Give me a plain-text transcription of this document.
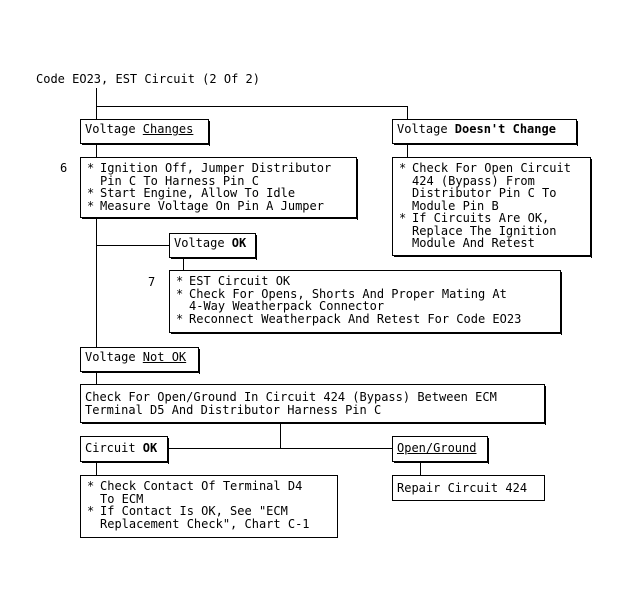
Code EO23, EST Circuit (2 Of 2)
Voltage Changes	Voltage Doesn't Change
6	* Ignition Off, Jumper Distributor
Pin C To Harness Pin C
* Start Engine, Allow To Idle
* Measure Voltage On Pin A Jumper
* Check For Open Circuit
424 (Bypass) From
Distributor Pin C To
Module Pin B
* If Circuits Are OK,
Replace The Ignition
Module And Retest
Voltage OK
7	* EST Circuit OK
* Check For Opens, Shorts And Proper Mating At
4-Way Weatherpack Connector
* Reconnect Weatherpack And Retest For Code EO23
Voltage Not OK
Check For Open/Ground In Circuit 424 (Bypass) Between ECM
Terminal D5 And Distributor Harness Pin C
Circuit OK	Open/Ground
* Check Contact Of Terminal D4
To ECM
* If Contact Is OK, See "ECM
Replacement Check", Chart C-1
Repair Circuit 424
